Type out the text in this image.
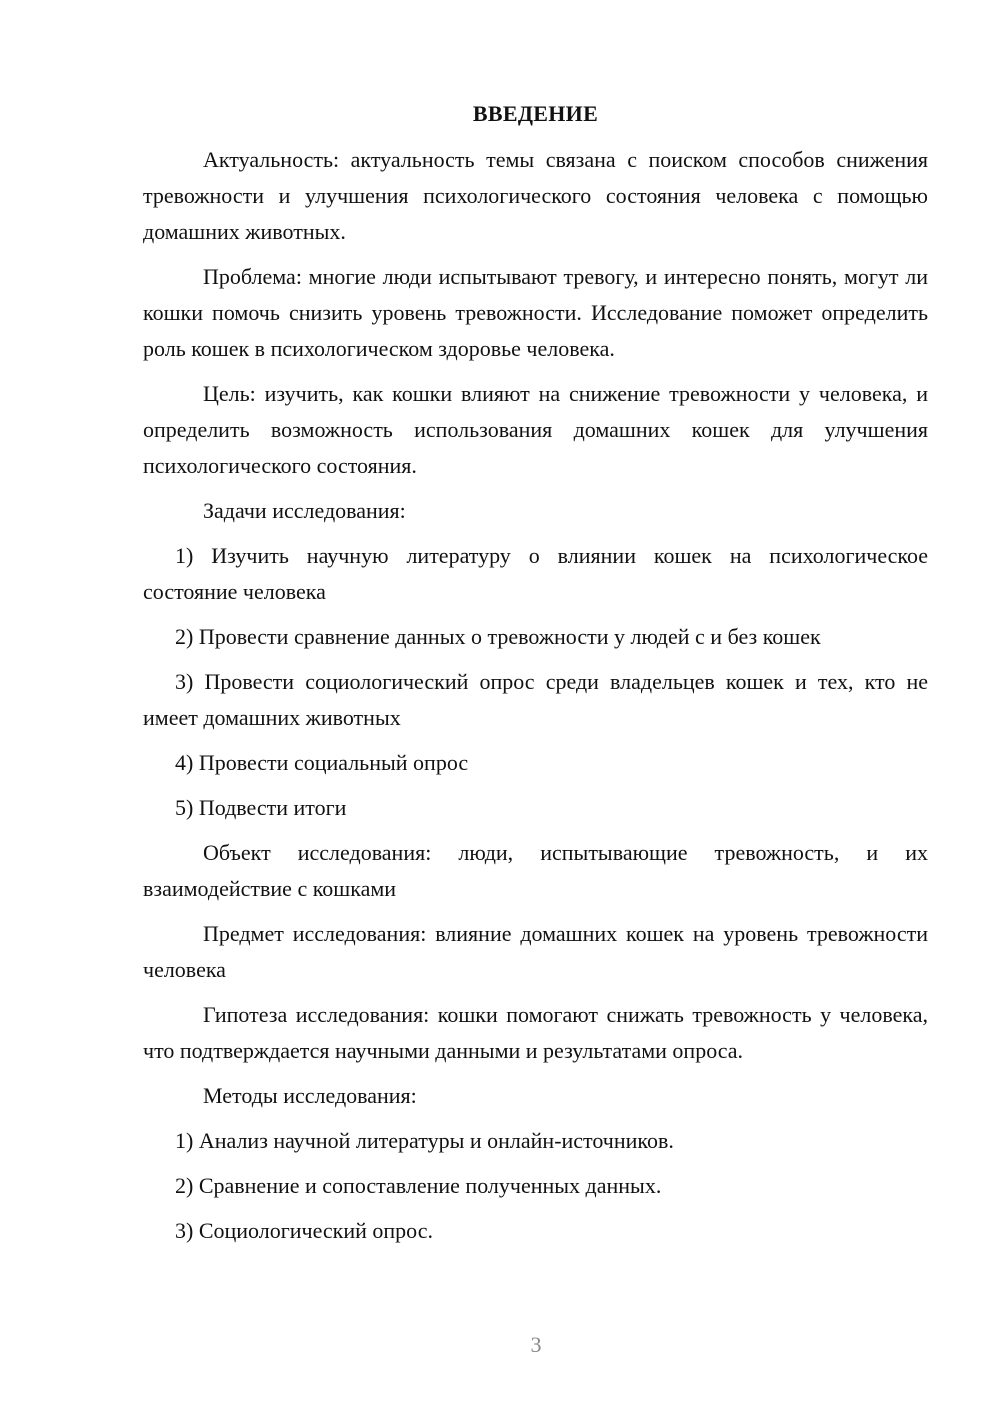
ВВЕДЕНИЕ

Актуальность: актуальность темы связана с поиском способов снижения тревожности и улучшения психологического состояния человека с помощью домашних животных.

Проблема: многие люди испытывают тревогу, и интересно понять, могут ли кошки помочь снизить уровень тревожности. Исследование поможет определить роль кошек в психологическом здоровье человека.

Цель: изучить, как кошки влияют на снижение тревожности у человека, и определить возможность использования домашних кошек для улучшения психологического состояния.

Задачи исследования:

1) Изучить научную литературу о влиянии кошек на психологическое состояние человека

2) Провести сравнение данных о тревожности у людей с и без кошек

3) Провести социологический опрос среди владельцев кошек и тех, кто не имеет домашних животных

4) Провести социальный опрос

5) Подвести итоги

Объект исследования: люди, испытывающие тревожность, и их взаимодействие с кошками

Предмет исследования: влияние домашних кошек на уровень тревожности человека

Гипотеза исследования: кошки помогают снижать тревожность у человека, что подтверждается научными данными и результатами опроса.

Методы исследования:

1) Анализ научной литературы и онлайн-источников.

2) Сравнение и сопоставление полученных данных.

3) Социологический опрос.

3
